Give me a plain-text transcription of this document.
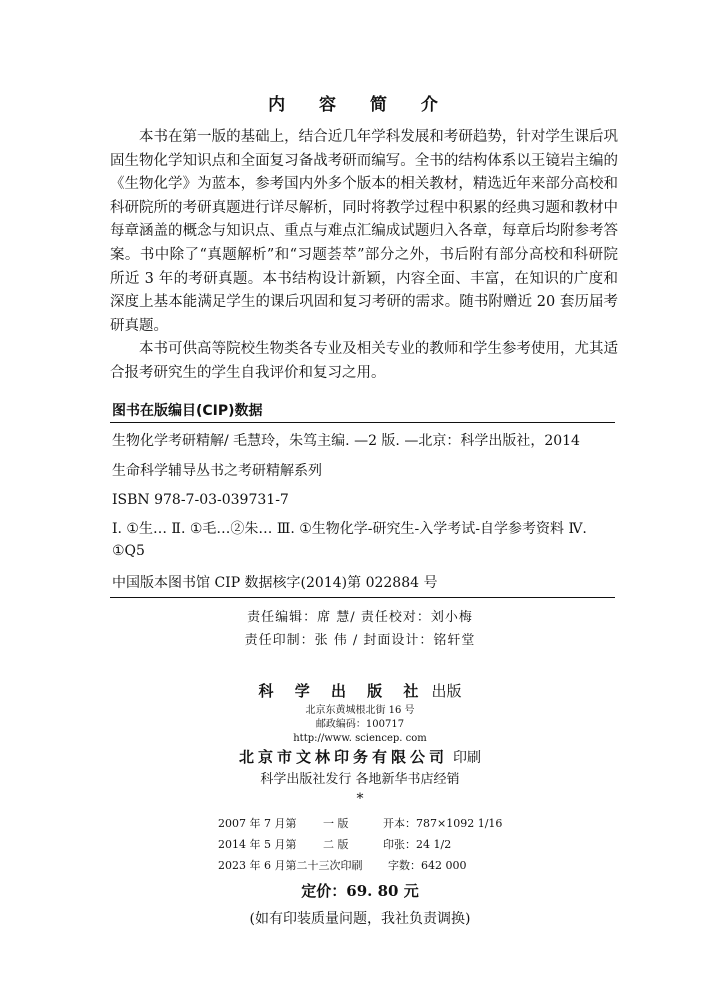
内 容 简 介

本书在第一版的基础上，结合近几年学科发展和考研趋势，针对学生课后巩固生物化学知识点和全面复习备战考研而编写。全书的结构体系以王镜岩主编的《生物化学》为蓝本，参考国内外多个版本的相关教材，精选近年来部分高校和科研院所的考研真题进行详尽解析，同时将教学过程中积累的经典习题和教材中每章涵盖的概念与知识点、重点与难点汇编成试题归入各章，每章后均附参考答案。书中除了“真题解析”和“习题荟萃”部分之外，书后附有部分高校和科研院所近 3 年的考研真题。本书结构设计新颖，内容全面、丰富，在知识的广度和深度上基本能满足学生的课后巩固和复习考研的需求。随书附赠近 20 套历届考研真题。

本书可供高等院校生物类各专业及相关专业的教师和学生参考使用，尤其适合报考研究生的学生自我评价和复习之用。

图书在版编目(CIP)数据
生物化学考研精解/ 毛慧玲，朱笃主编. —2 版. —北京：科学出版社，2014
生命科学辅导丛书之考研精解系列
ISBN 978-7-03-039731-7
Ⅰ. ①生… Ⅱ. ①毛…②朱… Ⅲ. ①生物化学-研究生-入学考试-自学参考资料 Ⅳ. ①Q5
中国版本图书馆 CIP 数据核字(2014)第 022884 号
责任编辑：席 慧/ 责任校对：刘小梅
责任印制：张 伟 / 封面设计：铭轩堂
科 学 出 版 社 出版
北京东黄城根北街 16 号
邮政编码：100717
http://www. sciencep. com
北京市文林印务有限公司 印刷
科学出版社发行 各地新华书店经销
*
2007 年 7 月第 一 版	开本：787×1092 1/16
2014 年 5 月第 二 版	印张：24 1/2
2023 年 6 月第二十三次印刷 字数：642 000
定价：69. 80 元
(如有印装质量问题，我社负责调换)
